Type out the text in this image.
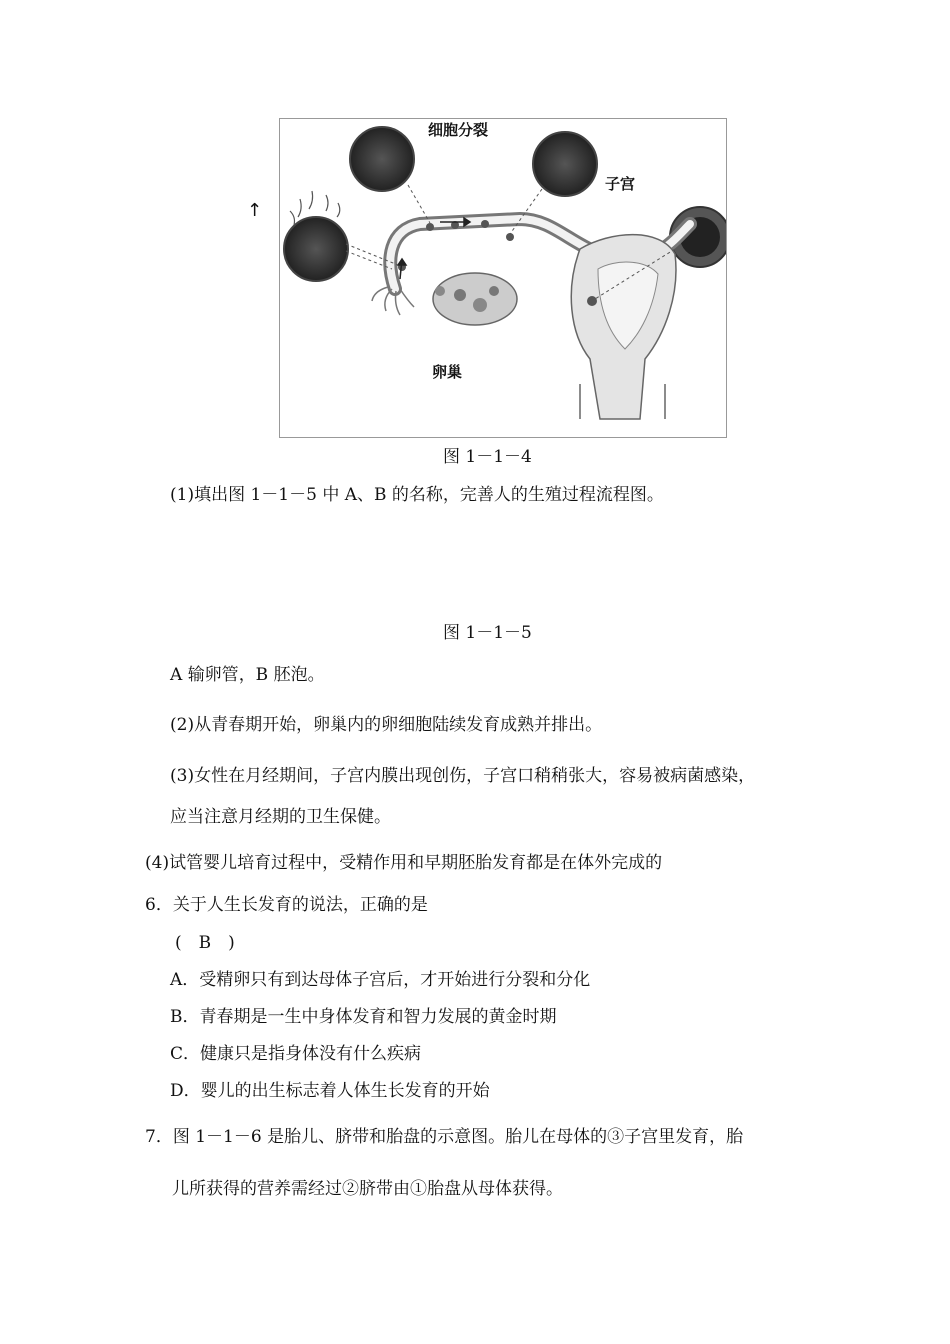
↑
细胞分裂
子宫
卵巢
图 1－1－4
(1)填出图 1－1－5 中 A、B 的名称，完善人的生殖过程流程图。
图 1－1－5
A 输卵管，B 胚泡。
(2)从青春期开始，卵巢内的卵细胞陆续发育成熟并排出。
(3)女性在月经期间，子宫内膜出现创伤，子宫口稍稍张大，容易被病菌感染，
应当注意月经期的卫生保健。
(4)试管婴儿培育过程中，受精作用和早期胚胎发育都是在体外完成的
6．关于人生长发育的说法，正确的是
(　B　)
A．受精卵只有到达母体子宫后，才开始进行分裂和分化
B．青春期是一生中身体发育和智力发展的黄金时期
C．健康只是指身体没有什么疾病
D．婴儿的出生标志着人体生长发育的开始
7．图 1－1－6 是胎儿、脐带和胎盘的示意图。胎儿在母体的③子宫里发育，胎
儿所获得的营养需经过②脐带由①胎盘从母体获得。
